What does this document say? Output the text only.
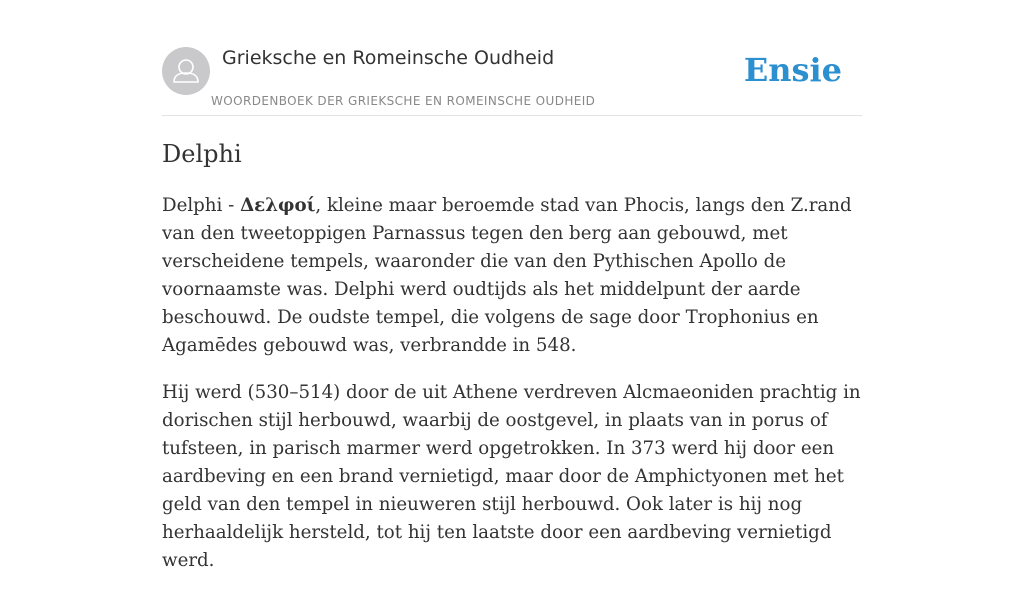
Grieksche en Romeinsche Oudheid
WOORDENBOEK DER GRIEKSCHE EN ROMEINSCHE OUDHEID
Ensie
Delphi

Delphi - Δελφοί, kleine maar beroemde stad van Phocis, langs den Z.rand van den tweetoppigen Parnassus tegen den berg aan gebouwd, met verscheidene tempels, waaronder die van den Pythischen Apollo de voornaamste was. Delphi werd oudtijds als het middelpunt der aarde beschouwd. De oudste tempel, die volgens de sage door Trophonius en Agamēdes gebouwd was, verbrandde in 548.

Hij werd (530–514) door de uit Athene verdreven Alcmaeoniden prachtig in dorischen stijl herbouwd, waarbij de oostgevel, in plaats van in porus of tufsteen, in parisch marmer werd opgetrokken. In 373 werd hij door een aardbeving en een brand vernietigd, maar door de Amphictyonen met het geld van den tempel in nieuweren stijl herbouwd. Ook later is hij nog herhaaldelijk hersteld, tot hij ten laatste door een aardbeving vernietigd werd.
